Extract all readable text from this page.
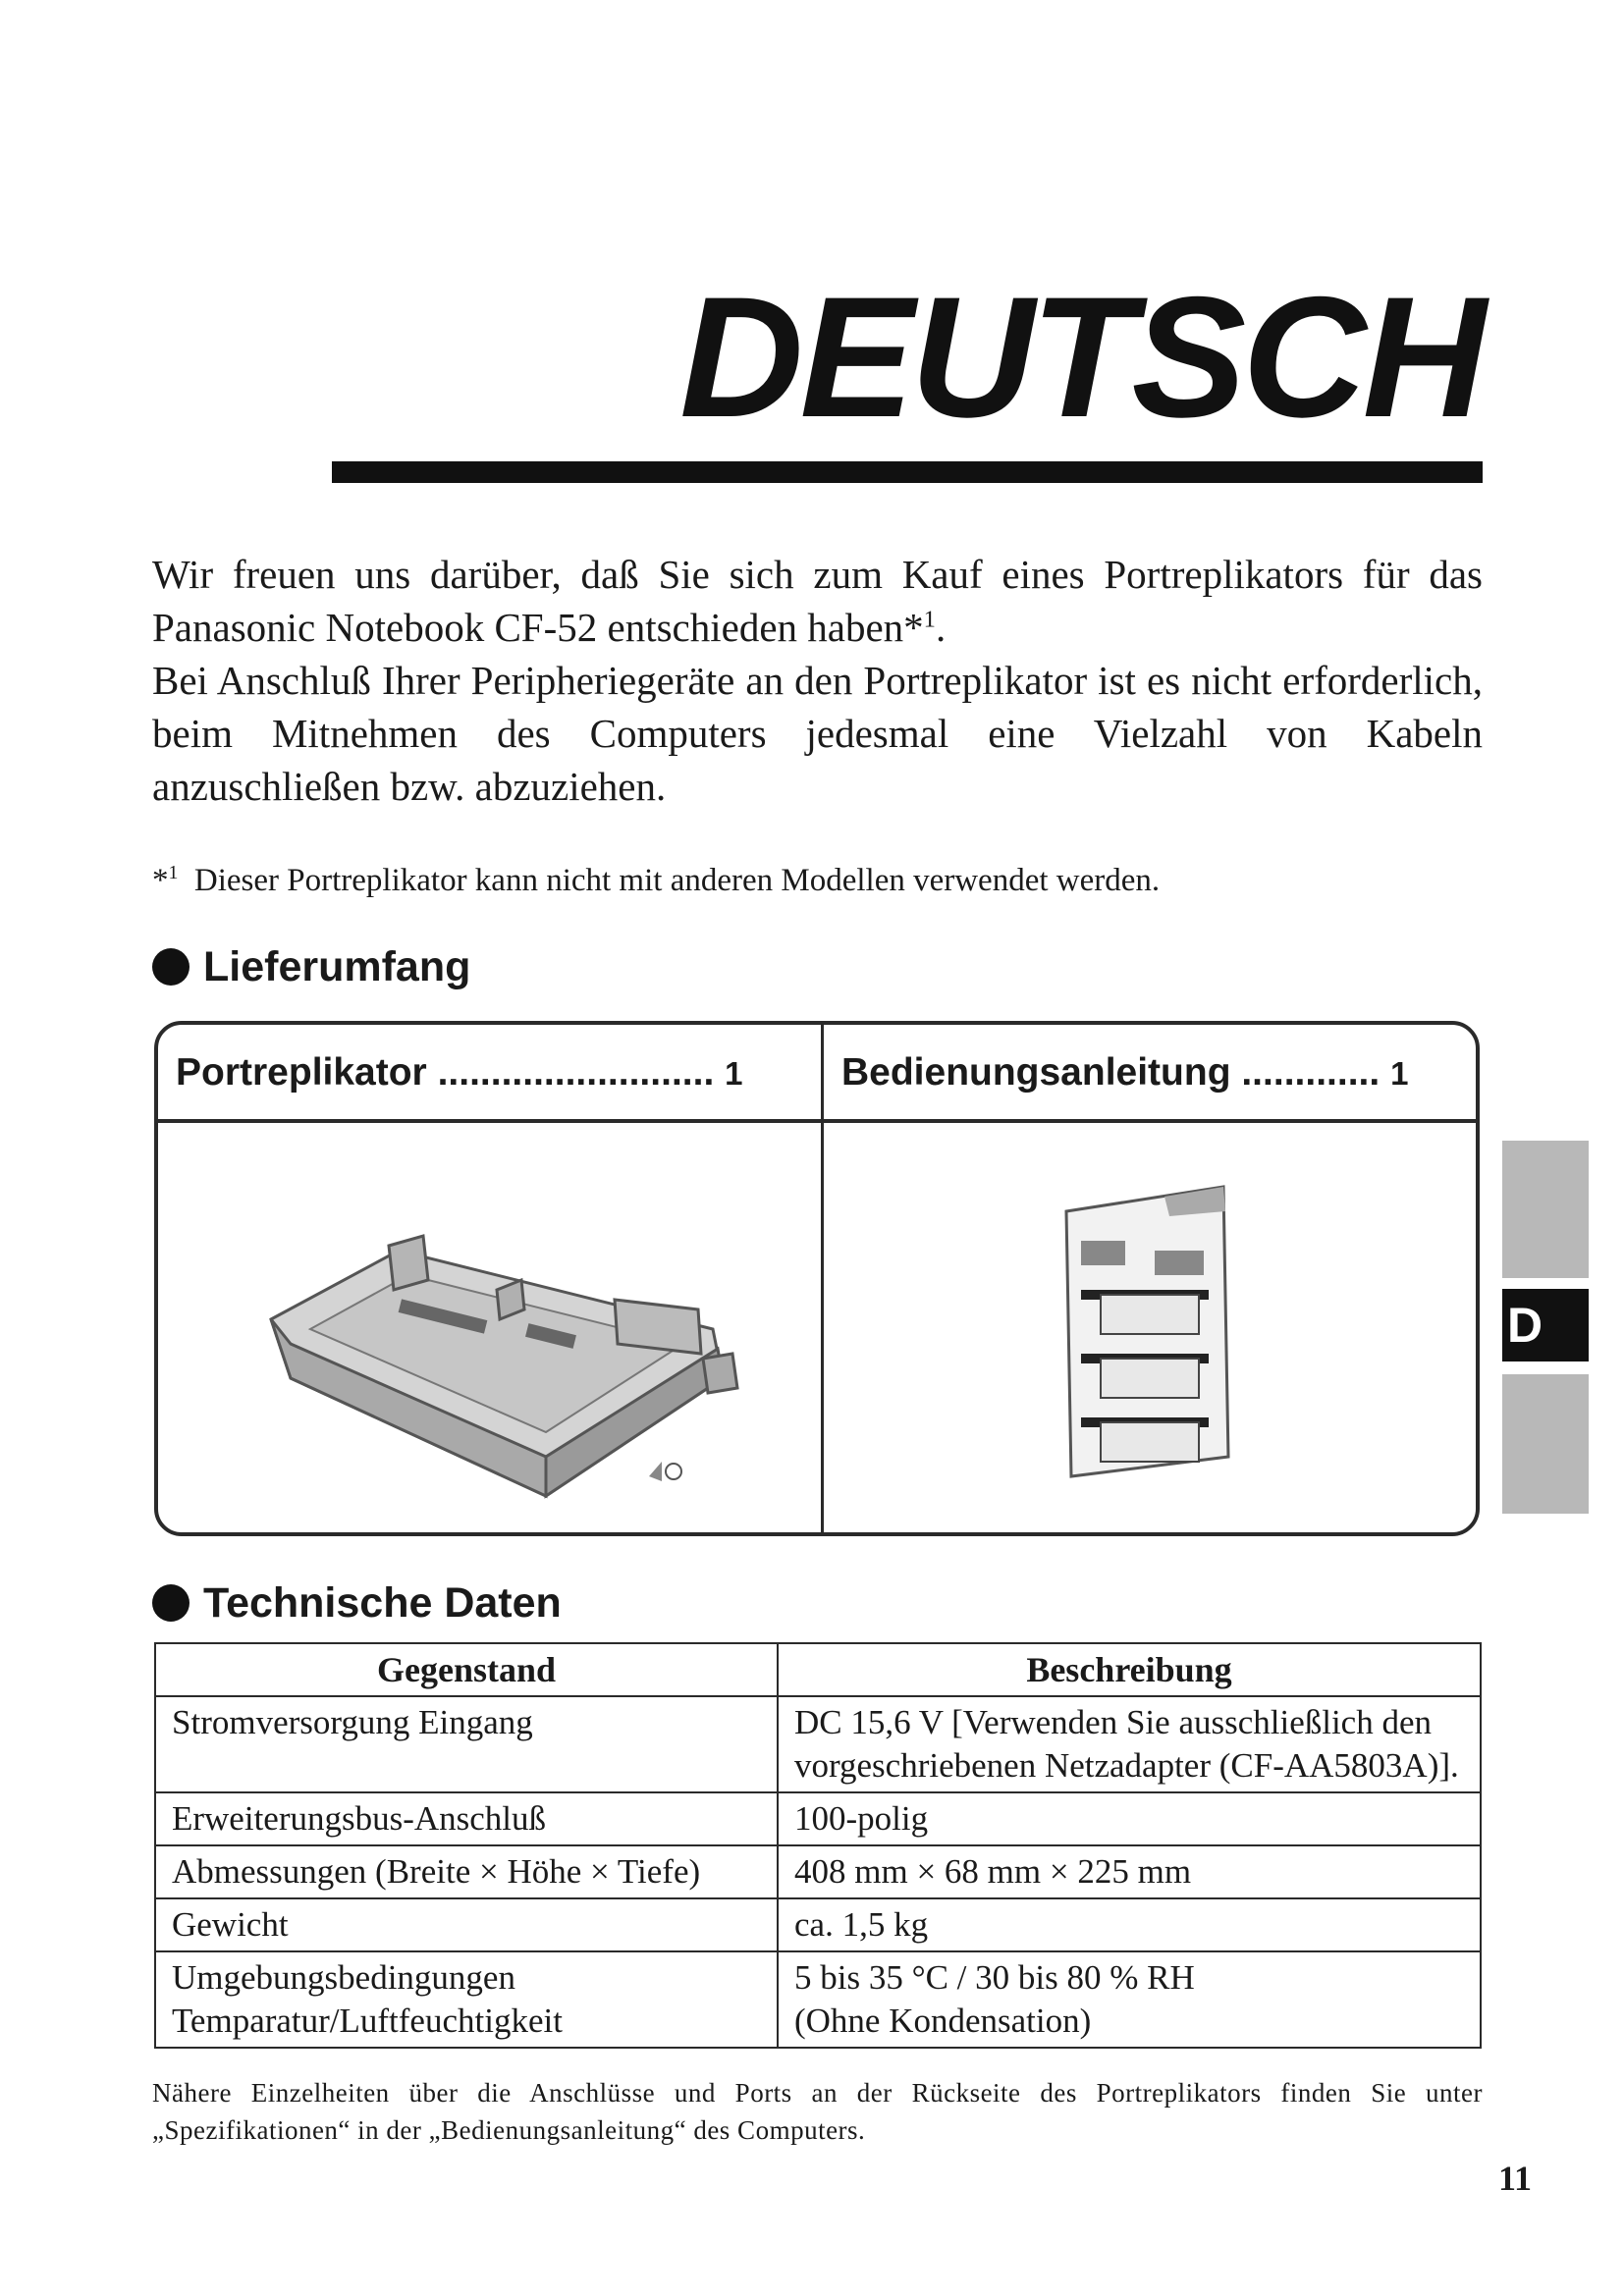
DEUTSCH

Wir freuen uns darüber, daß Sie sich zum Kauf eines Portreplikators für das Panasonic Notebook CF-52 entschieden haben*$^1$.

Bei Anschluß Ihrer Peripheriegeräte an den Portreplikator ist es nicht erforderlich, beim Mitnehmen des Computers jedesmal eine Vielzahl von Kabeln anzuschließen bzw. abzuziehen.

*$^1$ Dieser Portreplikator kann nicht mit anderen Modellen verwendet werden.
Lieferumfang
Portreplikator .......................... 1	Bedienungsanleitung ............. 1
D
Technische Daten
Gegenstand	Beschreibung
Stromversorgung Eingang	DC 15,6 V [Verwenden Sie ausschließlich den
vorgeschriebenen Netzadapter (CF-AA5803A)].
Erweiterungsbus-Anschluß	100-polig
Abmessungen (Breite × Höhe × Tiefe)	408 mm × 68 mm × 225 mm
Gewicht	ca. 1,5 kg
Umgebungsbedingungen
Temparatur/Luftfeuchtigkeit	5 bis 35 °C / 30 bis 80 % RH
(Ohne Kondensation)
Nähere Einzelheiten über die Anschlüsse und Ports an der Rückseite des Portreplikators finden Sie unter „Spezifikationen“ in der „Bedienungsanleitung“ des Computers.
11
